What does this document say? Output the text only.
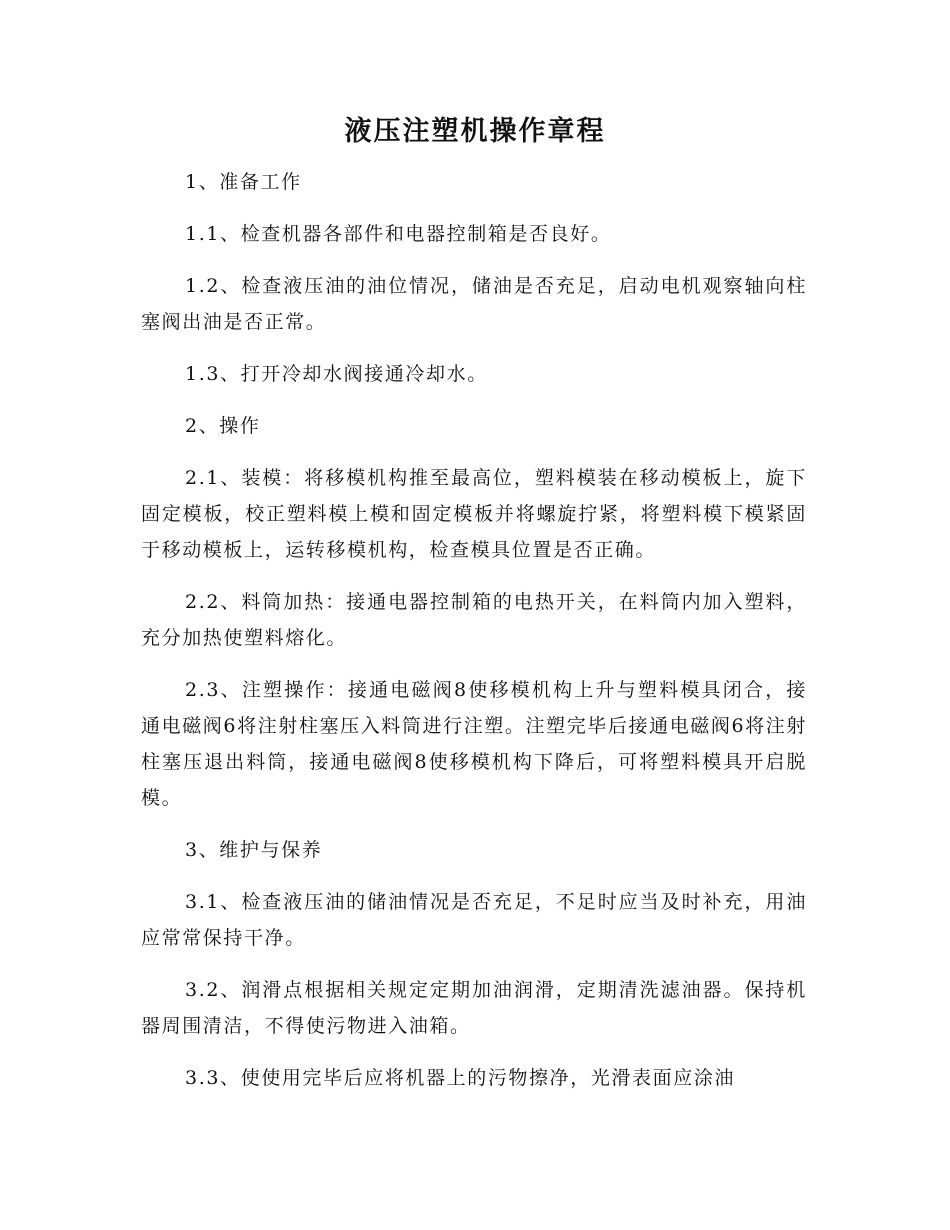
液压注塑机操作章程

1、准备工作

1.1、检查机器各部件和电器控制箱是否良好。

1.2、检查液压油的油位情况，储油是否充足，启动电机观察轴向柱塞阀出油是否正常。

1.3、打开冷却水阀接通冷却水。

2、操作

2.1、装模：将移模机构推至最高位，塑料模装在移动模板上，旋下固定模板，校正塑料模上模和固定模板并将螺旋拧紧，将塑料模下模紧固于移动模板上，运转移模机构，检查模具位置是否正确。

2.2、料筒加热：接通电器控制箱的电热开关，在料筒内加入塑料，充分加热使塑料熔化。

2.3、注塑操作：接通电磁阀8使移模机构上升与塑料模具闭合，接通电磁阀6将注射柱塞压入料筒进行注塑。注塑完毕后接通电磁阀6将注射柱塞压退出料筒，接通电磁阀8使移模机构下降后，可将塑料模具开启脱模。

3、维护与保养

3.1、检查液压油的储油情况是否充足，不足时应当及时补充，用油应常常保持干净。

3.2、润滑点根据相关规定定期加油润滑，定期清洗滤油器。保持机器周围清洁，不得使污物进入油箱。

3.3、使使用完毕后应将机器上的污物擦净，光滑表面应涂油
